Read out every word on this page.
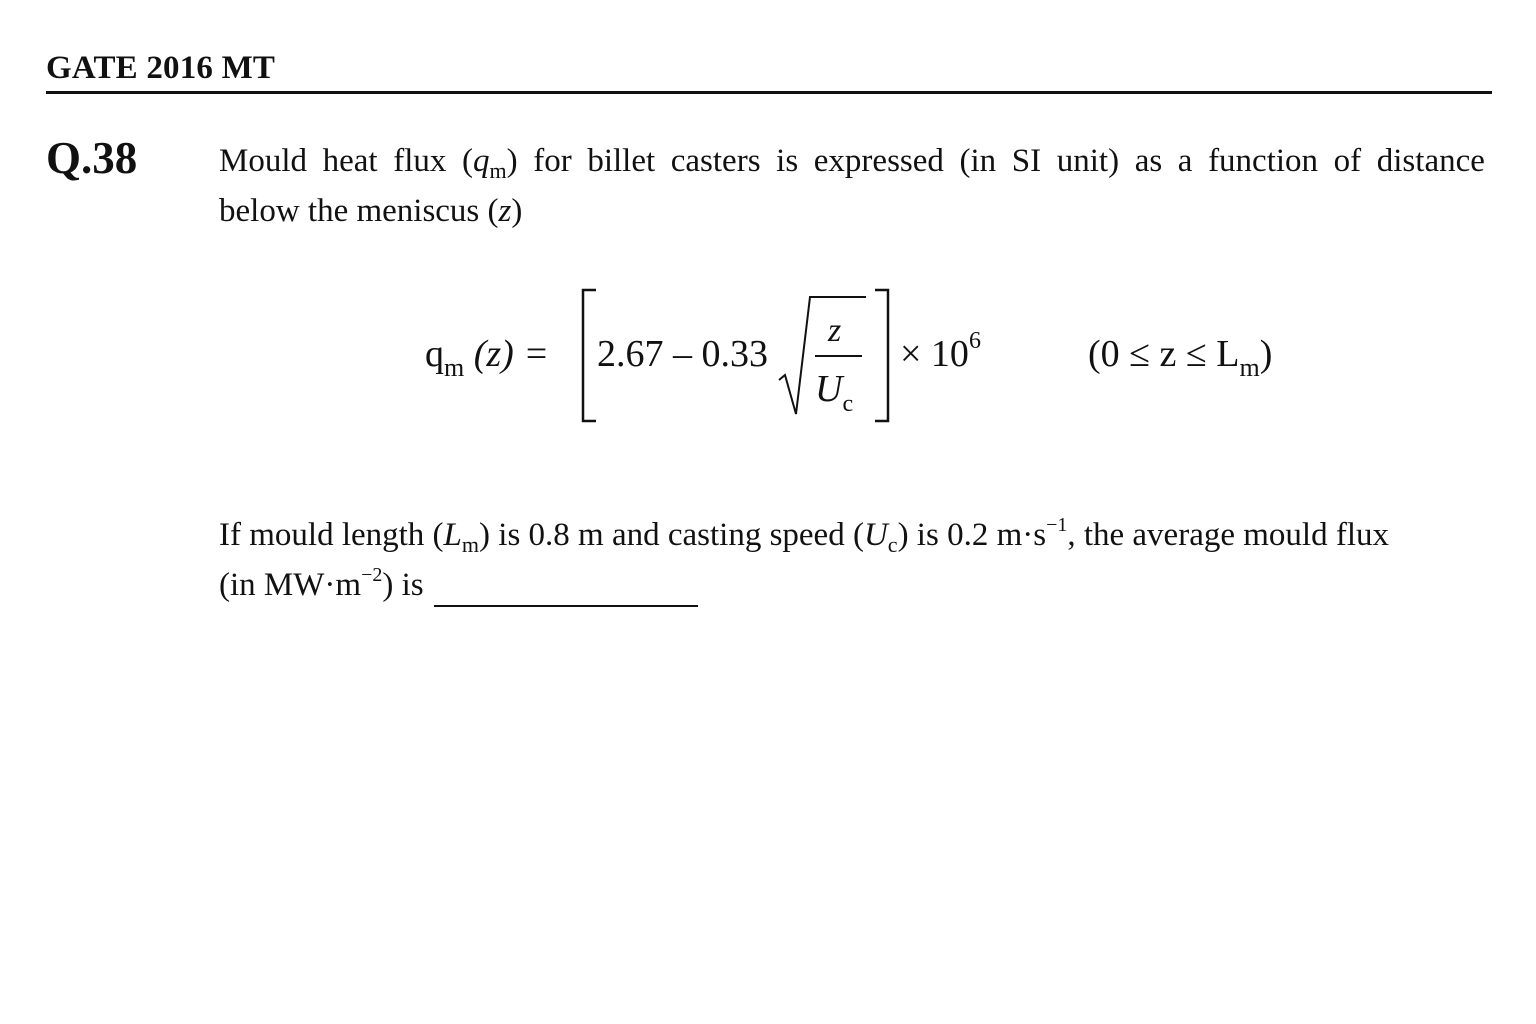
GATE 2016 MT
Q.38 Mould heat flux $(q_m)$ for billet casters is expressed (in SI unit) as a function of distance
below the meniscus (z)
$q_m$ (z) = 2.67 – 0.33
z
$U_c$
× $10^6$	$(0 \le z \le L_m)$
If mould length $(L_m)$ is 0.8 m and casting speed $(U_c)$ is 0.2 $m\cdot s^{-1}$, the average mould flux
(in $MW\cdot m^{-2}$) is
